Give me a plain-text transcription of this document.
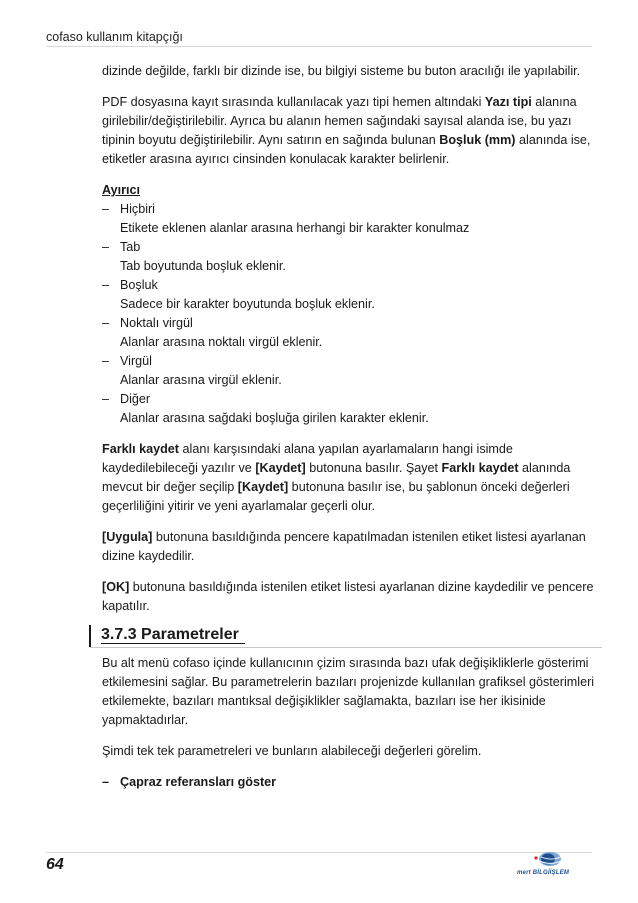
cofaso kullanım kitapçığı

dizinde değilde, farklı bir dizinde ise, bu bilgiyi sisteme bu buton aracılığı ile yapılabilir.

PDF dosyasına kayıt sırasında kullanılacak yazı tipi hemen altındaki Yazı tipi alanına girilebilir/değiştirilebilir. Ayrıca bu alanın hemen sağındaki sayısal alanda ise, bu yazı tipinin boyutu değiştirilebilir. Aynı satırın en sağında bulunan Boşluk (mm) alanında ise, etiketler arasına ayırıcı cinsinden konulacak karakter belirlenir.

Ayırıcı

– Hiçbiri
Etikete eklenen alanlar arasına herhangi bir karakter konulmaz
– Tab
Tab boyutunda boşluk eklenir.
– Boşluk
Sadece bir karakter boyutunda boşluk eklenir.
– Noktalı virgül
Alanlar arasına noktalı virgül eklenir.
– Virgül
Alanlar arasına virgül eklenir.
– Diğer
Alanlar arasına sağdaki boşluğa girilen karakter eklenir.

Farklı kaydet alanı karşısındaki alana yapılan ayarlamaların hangi isimde kaydedilebileceği yazılır ve [Kaydet] butonuna basılır. Şayet Farklı kaydet alanında mevcut bir değer seçilip [Kaydet] butonuna basılır ise, bu şablonun önceki değerleri geçerliliğini yitirir ve yeni ayarlamalar geçerli olur.

[Uygula] butonuna basıldığında pencere kapatılmadan istenilen etiket listesi ayarlanan dizine kaydedilir.

[OK] butonuna basıldığında istenilen etiket listesi ayarlanan dizine kaydedilir ve pencere kapatılır.

3.7.3 Parametreler

Bu alt menü cofaso içinde kullanıcının çizim sırasında bazı ufak değişikliklerle gösterimi etkilemesini sağlar. Bu parametrelerin bazıları projenizde kullanılan grafiksel gösterimleri etkilemekte, bazıları mantıksal değişiklikler sağlamakta, bazıları ise her ikisinide yapmaktadırlar.

Şimdi tek tek parametreleri ve bunların alabileceği değerleri görelim.

– Çapraz referansları göster

64	mert BİLGİİŞLEM
